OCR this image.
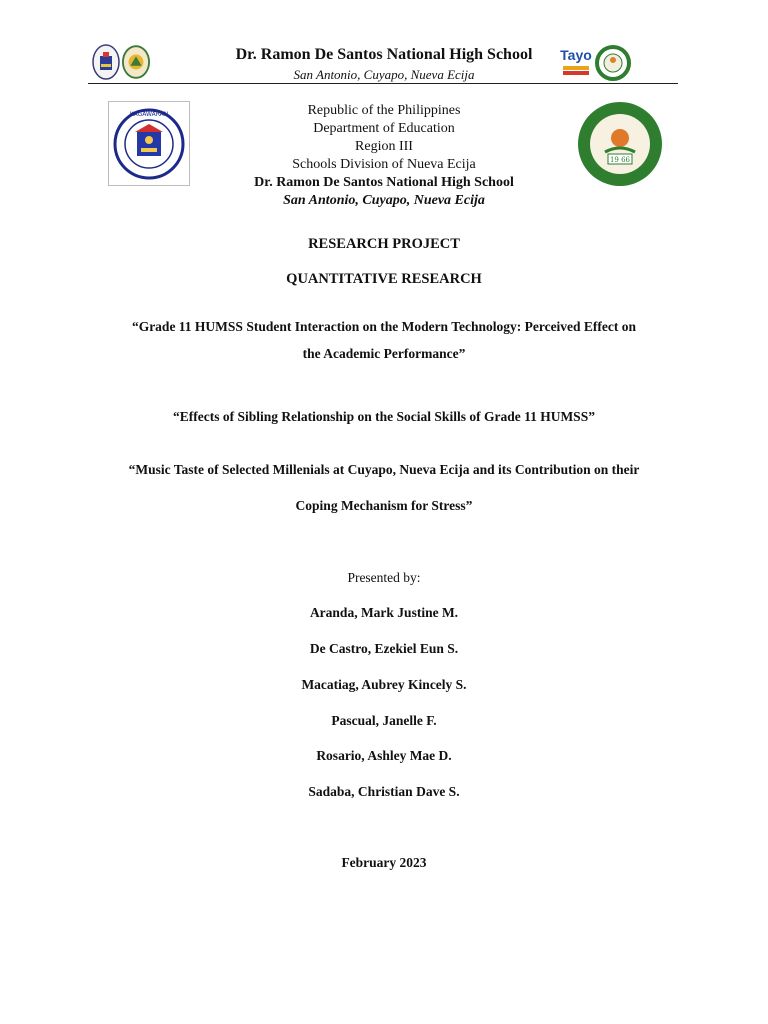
Dr. Ramon De Santos National High School
San Antonio, Cuyapo, Nueva Ecija
Tayo
KAGAWARAN
19 66
Republic of the Philippines
Department of Education
Region III
Schools Division of Nueva Ecija
Dr. Ramon De Santos National High School
San Antonio, Cuyapo, Nueva Ecija
RESEARCH PROJECT
QUANTITATIVE RESEARCH
“Grade 11 HUMSS Student Interaction on the Modern Technology: Perceived Effect on
the Academic Performance”
“Effects of Sibling Relationship on the Social Skills of Grade 11 HUMSS”
“Music Taste of Selected Millenials at Cuyapo, Nueva Ecija and its Contribution on their
Coping Mechanism for Stress”
Presented by:
Aranda, Mark Justine M.
De Castro, Ezekiel Eun S.
Macatiag, Aubrey Kincely S.
Pascual, Janelle F.
Rosario, Ashley Mae D.
Sadaba, Christian Dave S.
February 2023
